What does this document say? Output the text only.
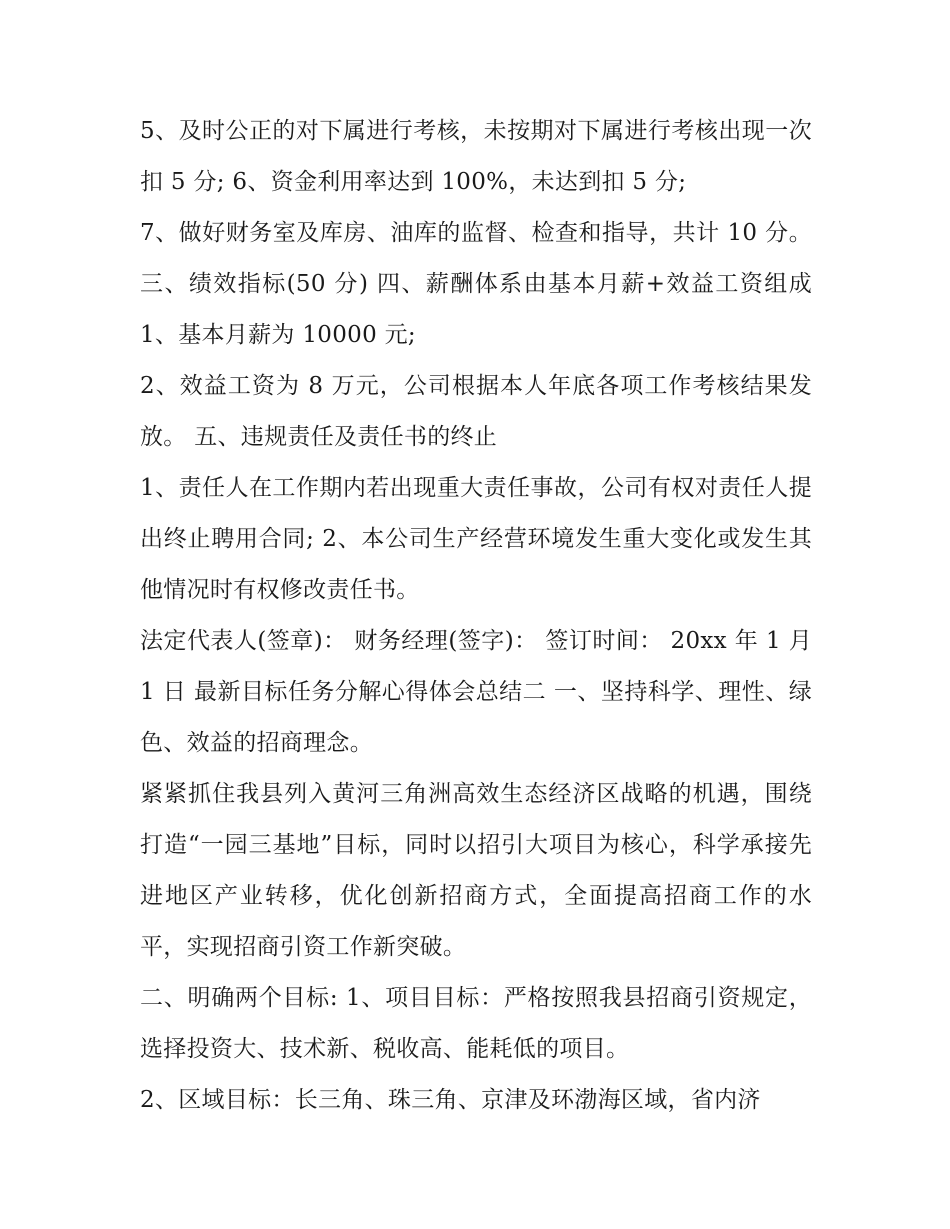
5、及时公正的对下属进行考核，未按期对下属进行考核出现一次扣 5 分; 6、资金利用率达到 100%，未达到扣 5 分;

7、做好财务室及库房、油库的监督、检查和指导，共计 10 分。 三、绩效指标(50 分) 四、薪酬体系由基本月薪+效益工资组成 1、基本月薪为 10000 元;

2、效益工资为 8 万元，公司根据本人年底各项工作考核结果发放。 五、违规责任及责任书的终止

1、责任人在工作期内若出现重大责任事故，公司有权对责任人提出终止聘用合同; 2、本公司生产经营环境发生重大变化或发生其他情况时有权修改责任书。

法定代表人(签章)： 财务经理(签字)： 签订时间： 20xx 年 1 月 1 日 最新目标任务分解心得体会总结二 一、坚持科学、理性、绿色、效益的招商理念。

紧紧抓住我县列入黄河三角洲高效生态经济区战略的机遇，围绕打造“一园三基地”目标，同时以招引大项目为核心，科学承接先进地区产业转移，优化创新招商方式，全面提高招商工作的水平，实现招商引资工作新突破。

二、明确两个目标: 1、项目目标：严格按照我县招商引资规定，选择投资大、技术新、税收高、能耗低的项目。

2、区域目标：长三角、珠三角、京津及环渤海区域，省内济
